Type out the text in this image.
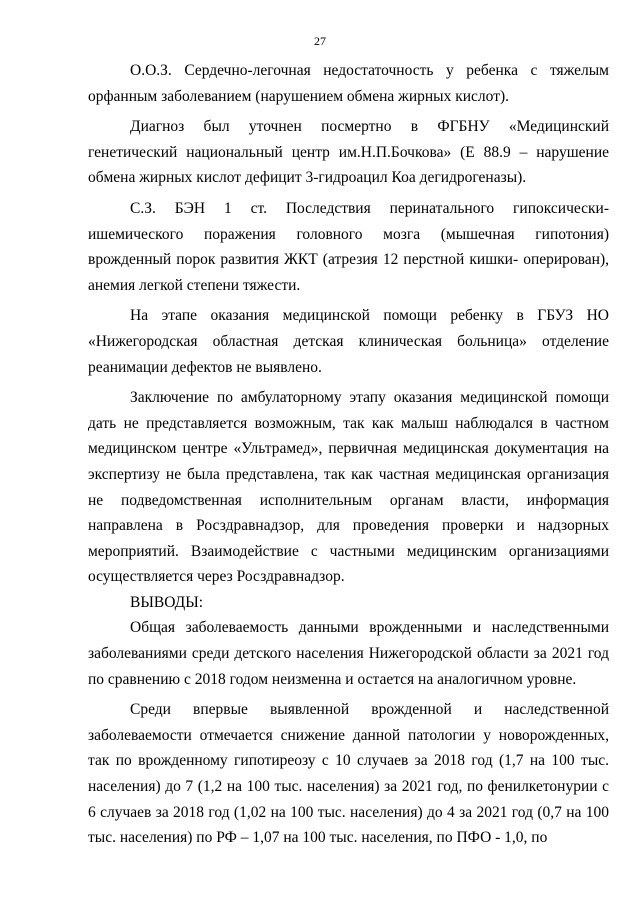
27

О.О.З. Сердечно-легочная недостаточность у ребенка с тяжелым орфанным заболеванием (нарушением обмена жирных кислот).

Диагноз был уточнен посмертно в ФГБНУ «Медицинский генетический национальный центр им.Н.П.Бочкова» (Е 88.9 – нарушение обмена жирных кислот дефицит 3-гидроацил Коа дегидрогеназы).

С.З. БЭН 1 ст. Последствия перинатального гипоксически-ишемического поражения головного мозга (мышечная гипотония) врожденный порок развития ЖКТ (атрезия 12 перстной кишки- оперирован), анемия легкой степени тяжести.

На этапе оказания медицинской помощи ребенку в ГБУЗ НО «Нижегородская областная детская клиническая больница» отделение реанимации дефектов не выявлено.

Заключение по амбулаторному этапу оказания медицинской помощи дать не представляется возможным, так как малыш наблюдался в частном медицинском центре «Ультрамед», первичная медицинская документация на экспертизу не была представлена, так как частная медицинская организация не подведомственная исполнительным органам власти, информация направлена в Росздравнадзор, для проведения проверки и надзорных мероприятий. Взаимодействие с частными медицинским организациями осуществляется через Росздравнадзор.

ВЫВОДЫ:

Общая заболеваемость данными врожденными и наследственными заболеваниями среди детского населения Нижегородской области за 2021 год по сравнению с 2018 годом неизменна и остается на аналогичном уровне.

Среди впервые выявленной врожденной и наследственной заболеваемости отмечается снижение данной патологии у новорожденных, так по врожденному гипотиреозу с 10 случаев за 2018 год (1,7 на 100 тыс. населения) до 7 (1,2 на 100 тыс. населения) за 2021 год, по фенилкетонурии с 6 случаев за 2018 год (1,02 на 100 тыс. населения) до 4 за 2021 год (0,7 на 100 тыс. населения) по РФ – 1,07 на 100 тыс. населения, по ПФО - 1,0, по
